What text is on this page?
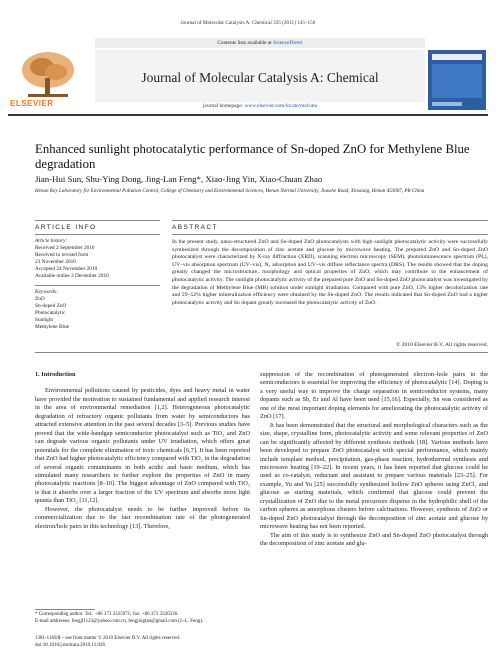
Journal of Molecular Catalysis A: Chemical 335 (2011) 145–150
ELSEVIER
Contents lists available at ScienceDirect
Journal of Molecular Catalysis A: Chemical
journal homepage: www.elsevier.com/locate/molcata
Enhanced sunlight photocatalytic performance of Sn-doped ZnO for Methylene Blue degradation
Jian-Hui Sun, Shu-Ying Dong, Jing-Lan Feng*, Xiao-Jing Yin, Xiao-Chuan Zhao
Henan Key Laboratory for Environmental Pollution Control, College of Chemistry and Environmental Sciences, Henan Normal University, Jianshe Road, Xinxiang, Henan 453007, PR China
ARTICLE INFO
Article history:
Received 2 September 2010
Received in revised form
23 November 2010
Accepted 24 November 2010
Available online 2 December 2010
Keywords:
ZnO
Sn-doped ZnO
Photocatalytic
Sunlight
Methylene Blue
ABSTRACT
In the present study, nano-structured ZnO and Sn-doped ZnO photocatalysts with high sunlight photocatalytic activity were successfully synthesized through the decomposition of zinc acetate and glucose by microwave heating. The prepared ZnO and Sn-doped ZnO photocatalyst were characterized by X-ray diffraction (XRD), scanning electron microscopy (SEM), photoluminescence spectrum (PL), UV–vis absorption spectrum (UV–vis), N₂ adsorption and UV–vis diffuse reflectance spectra (DRS). The results showed that the doping greatly changed the microstructure, morphology and optical properties of ZnO, which may contribute to the enhancement of photocatalytic activity. The sunlight photocatalytic activity of the prepared pure ZnO and Sn-doped ZnO photocatalyst was investigated by the degradation of Methylene Blue (MB) solution under sunlight irradiation. Compared with pure ZnO, 13% higher decolorization rate and 29–52% higher mineralization efficiency were obtained by the Sn-doped ZnO. The results indicated that Sn-doped ZnO had a higher photocatalytic activity and Sn dopant greatly increased the photocatalytic activity of ZnO.
© 2010 Elsevier B.V. All rights reserved.

1. Introduction

Environmental pollutions caused by pesticides, dyes and heavy metal in water have provided the motivation to sustained fundamental and applied research interest in the area of environmental remediation [1,2]. Heterogeneous photocatalytic degradation of refractory organic pollutants from water by semiconductors has attracted extensive attention in the past several decades [3–5]. Previous studies have proved that the wide-bandgap semiconductor photocatalyst such as TiO₂ and ZnO can degrade various organic pollutants under UV irradiation, which offers great potentials for the complete elimination of toxic chemicals [6,7]. It has been reported that ZnO had higher photocatalytic efficiency compared with TiO₂ in the degradation of several organic contaminants in both acidic and basic medium, which has stimulated many researchers to further explore the properties of ZnO in many photocatalytic reactions [8–10]. The biggest advantage of ZnO compared with TiO₂ is that it absorbs over a larger fraction of the UV spectrum and absorbs more light quanta than TiO₂ [11,12].

However, the photocatalyst needs to be further improved before its commercialization due to the fast recombination rate of the photogenerated electron/hole pairs in this technology [13]. Therefore,

suppression of the recombination of photogenerated electron–hole pairs in the semiconductors is essential for improving the efficiency of photocatalytic [14]. Doping is a very useful way to improve the charge separation in semiconductor systems, many dopants such as Sb, Er and Al have been used [15,16]. Especially, Sn was considered as one of the most important doping elements for ameliorating the photocatalytic activity of ZnO [17].

It has been demonstrated that the structural and morphological characters such as the size, shape, crystalline form, photocatalytic activity and some relevant properties of ZnO can be significantly affected by different synthesis methods [18]. Various methods have been developed to prepare ZnO photocatalyst with special performance, which mainly include template method, precipitation, gas-phase reaction, hydrothermal synthesis and microwave heating [19–22]. In recent years, it has been reported that glucose could be used as co-catalyst, reductant and assistant to prepare various materials [23–25]. For example, Yu and Yu [25] successfully synthesized hollow ZnO spheres using ZnCl₂ and glucose as starting materials, which confirmed that glucose could prevent the crystallization of ZnO due to the metal precursors disperse in the hydrophilic shell of the carbon spheres as amorphous clusters before calcinations. However, synthesis of ZnO or Sn-doped ZnO photocatalyst through the decomposition of zinc acetate and glucose by microwave heating has not been reported.

The aim of this study is to synthesize ZnO and Sn-doped ZnO photocatalyst through the decomposition of zinc acetate and glu-

* Corresponding author. Tel.: +86 373 3325971; fax: +86 373 3326336.
E-mail addresses: fengjl1123@yahoo.com.cn, fengjinglan@gmail.com (J.-L. Feng).
1381-1169/$ – see front matter © 2010 Elsevier B.V. All rights reserved.
doi:10.1016/j.molcata.2010.11.026
